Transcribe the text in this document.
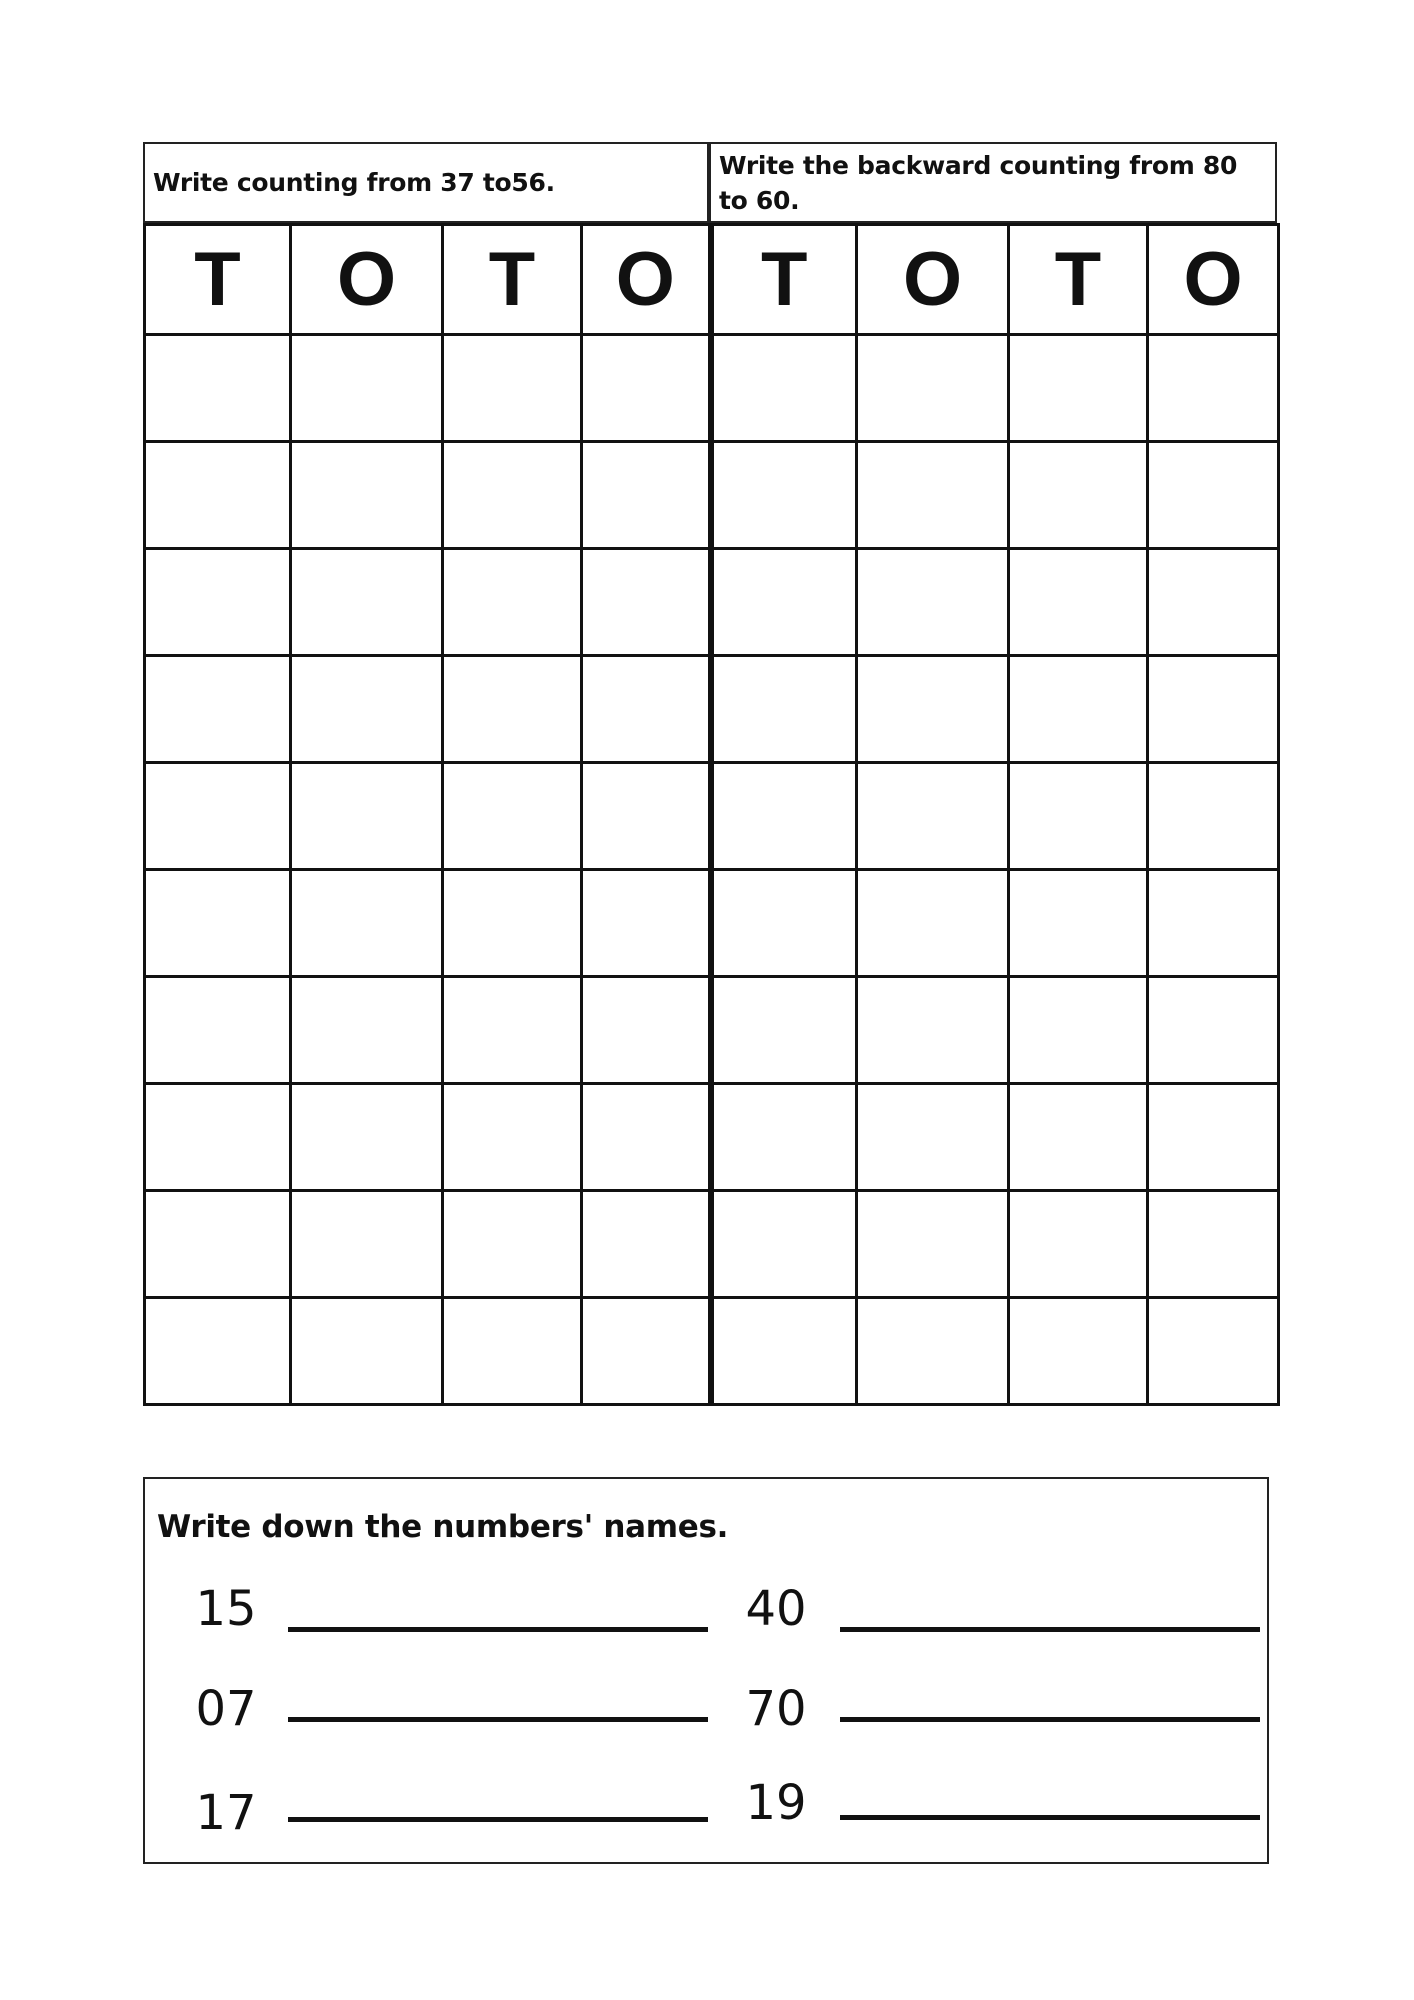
Write counting from 37 to56.
Write the backward counting from 80 to 60.
T	O	T	O	T	O	T	O

Write down the numbers' names.
15
07
17
40
70
19
